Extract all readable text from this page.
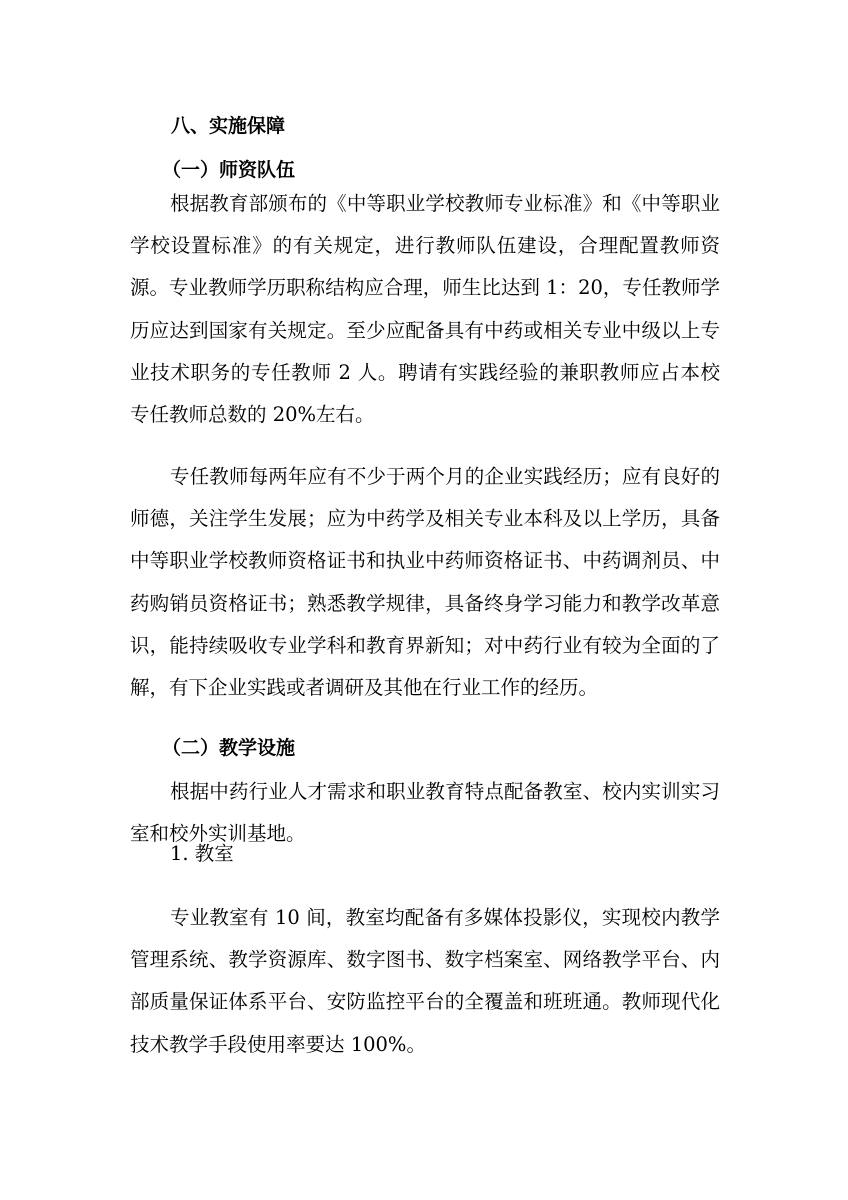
八、实施保障
（一）师资队伍

根据教育部颁布的《中等职业学校教师专业标准》和《中等职业学校设置标准》的有关规定，进行教师队伍建设，合理配置教师资源。专业教师学历职称结构应合理，师生比达到 1：20，专任教师学历应达到国家有关规定。至少应配备具有中药或相关专业中级以上专业技术职务的专任教师 2 人。聘请有实践经验的兼职教师应占本校专任教师总数的 20%左右。

专任教师每两年应有不少于两个月的企业实践经历；应有良好的师德，关注学生发展；应为中药学及相关专业本科及以上学历，具备中等职业学校教师资格证书和执业中药师资格证书、中药调剂员、中药购销员资格证书；熟悉教学规律，具备终身学习能力和教学改革意识，能持续吸收专业学科和教育界新知；对中药行业有较为全面的了解，有下企业实践或者调研及其他在行业工作的经历。

（二）教学设施

根据中药行业人才需求和职业教育特点配备教室、校内实训实习室和校外实训基地。

1. 教室

专业教室有 10 间，教室均配备有多媒体投影仪，实现校内教学管理系统、教学资源库、数字图书、数字档案室、网络教学平台、内部质量保证体系平台、安防监控平台的全覆盖和班班通。教师现代化技术教学手段使用率要达 100%。
